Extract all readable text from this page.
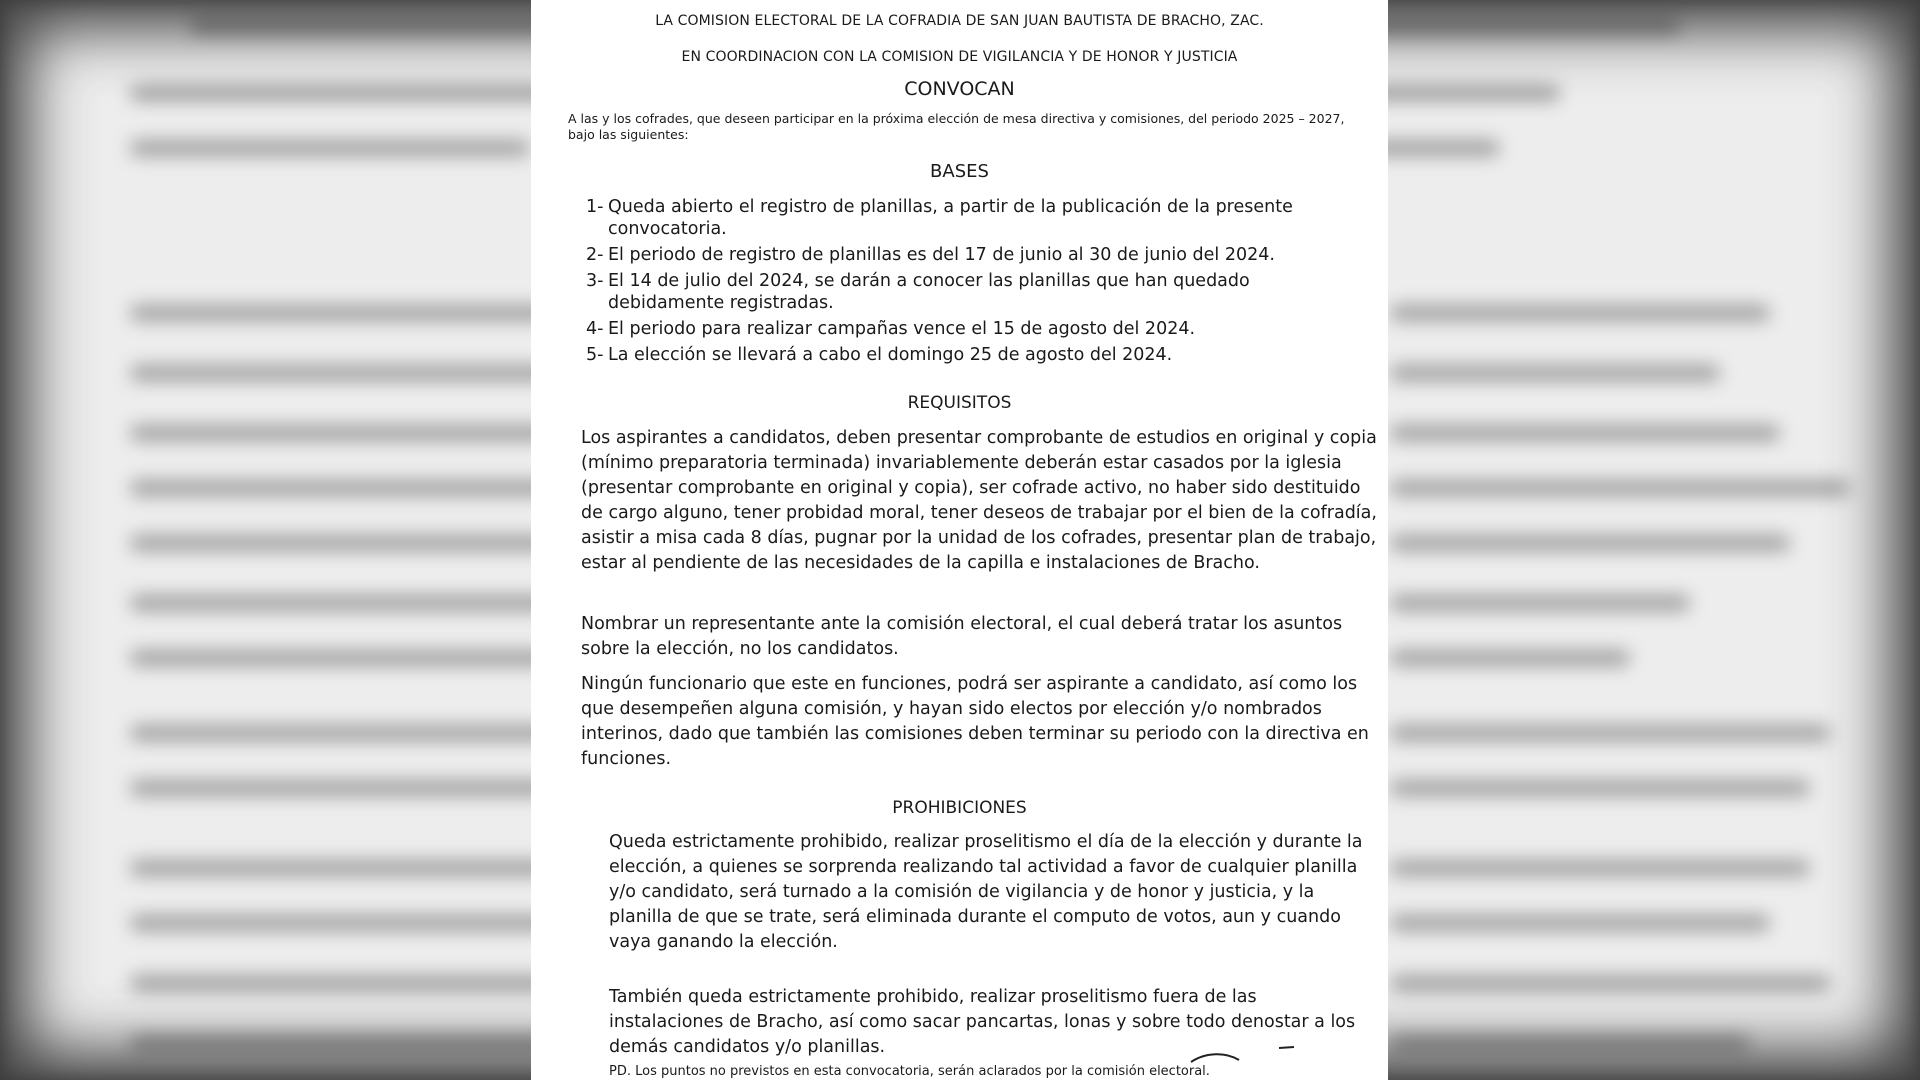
LA COMISION ELECTORAL DE LA COFRADIA DE SAN JUAN BAUTISTA DE BRACHO, ZAC.
EN COORDINACION CON LA COMISION DE VIGILANCIA Y DE HONOR Y JUSTICIA
CONVOCAN
A las y los cofrades, que deseen participar en la próxima elección de mesa directiva y comisiones, del periodo 2025 – 2027, bajo las siguientes:
BASES
1- Queda abierto el registro de planillas, a partir de la publicación de la presente convocatoria.
2- El periodo de registro de planillas es del 17 de junio al 30 de junio del 2024.
3- El 14 de julio del 2024, se darán a conocer las planillas que han quedado debidamente registradas.
4- El periodo para realizar campañas vence el 15 de agosto del 2024.
5- La elección se llevará a cabo el domingo 25 de agosto del 2024.
REQUISITOS
Los aspirantes a candidatos, deben presentar comprobante de estudios en original y copia (mínimo preparatoria terminada) invariablemente deberán estar casados por la iglesia (presentar comprobante en original y copia), ser cofrade activo, no haber sido destituido de cargo alguno, tener probidad moral, tener deseos de trabajar por el bien de la cofradía, asistir a misa cada 8 días, pugnar por la unidad de los cofrades, presentar plan de trabajo, estar al pendiente de las necesidades de la capilla e instalaciones de Bracho.
Nombrar un representante ante la comisión electoral, el cual deberá tratar los asuntos sobre la elección, no los candidatos.
Ningún funcionario que este en funciones, podrá ser aspirante a candidato, así como los que desempeñen alguna comisión, y hayan sido electos por elección y/o nombrados interinos, dado que también las comisiones deben terminar su periodo con la directiva en funciones.
PROHIBICIONES
Queda estrictamente prohibido, realizar proselitismo el día de la elección y durante la elección, a quienes se sorprenda realizando tal actividad a favor de cualquier planilla y/o candidato, será turnado a la comisión de vigilancia y de honor y justicia, y la planilla de que se trate, será eliminada durante el computo de votos, aun y cuando vaya ganando la elección.
También queda estrictamente prohibido, realizar proselitismo fuera de las instalaciones de Bracho, así como sacar pancartas, lonas y sobre todo denostar a los demás candidatos y/o planillas.
PD. Los puntos no previstos en esta convocatoria, serán aclarados por la comisión electoral.
